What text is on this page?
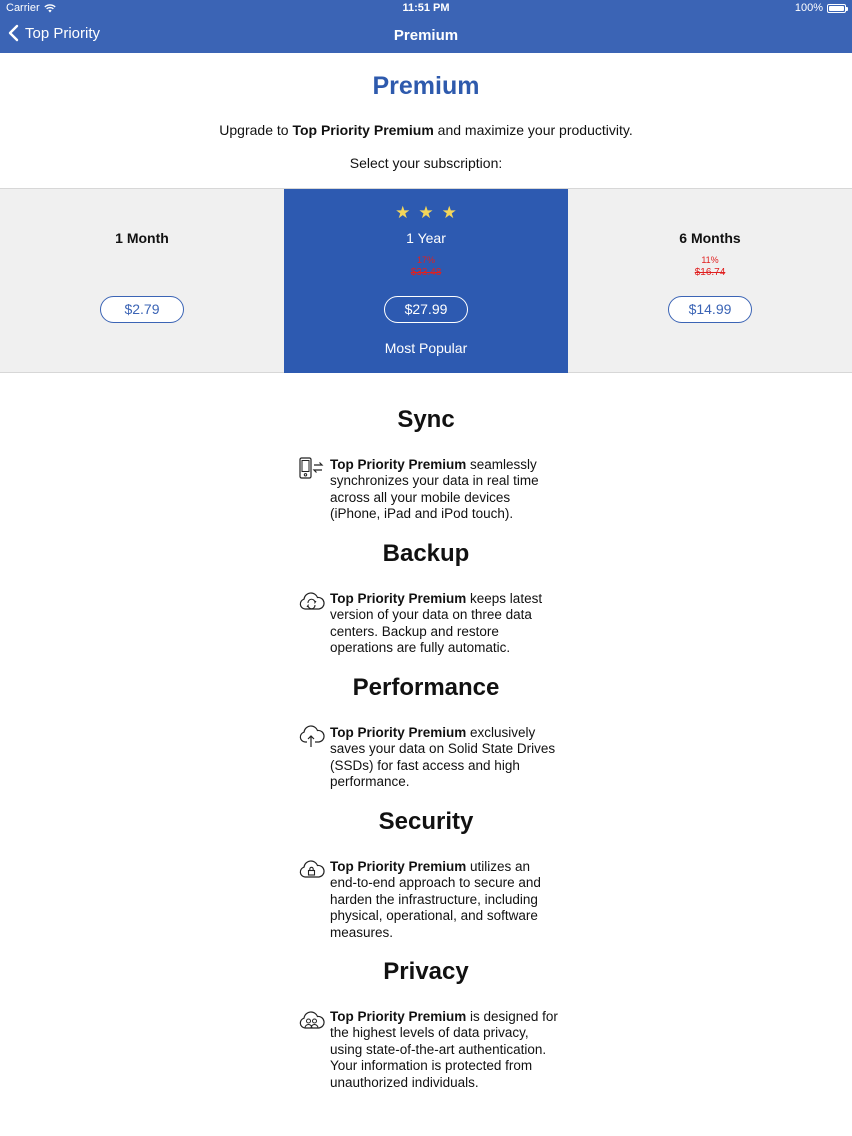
Carrier	11:51 PM	100%
Top Priority	Premium
Premium
Upgrade to Top Priority Premium and maximize your productivity.
Select your subscription:
1 Month
$2.79
★★★
1 Year
17%
$33.48
$27.99
Most Popular
6 Months
11%
$16.74
$14.99
Sync
Top Priority Premium seamlessly synchronizes your data in real time across all your mobile devices (iPhone, iPad and iPod touch).
Backup
Top Priority Premium keeps latest version of your data on three data centers. Backup and restore operations are fully automatic.
Performance
Top Priority Premium exclusively saves your data on Solid State Drives (SSDs) for fast access and high performance.
Security
Top Priority Premium utilizes an end-to-end approach to secure and harden the infrastructure, including physical, operational, and software measures.
Privacy
Top Priority Premium is designed for the highest levels of data privacy, using state-of-the-art authentication. Your information is protected from unauthorized individuals.
